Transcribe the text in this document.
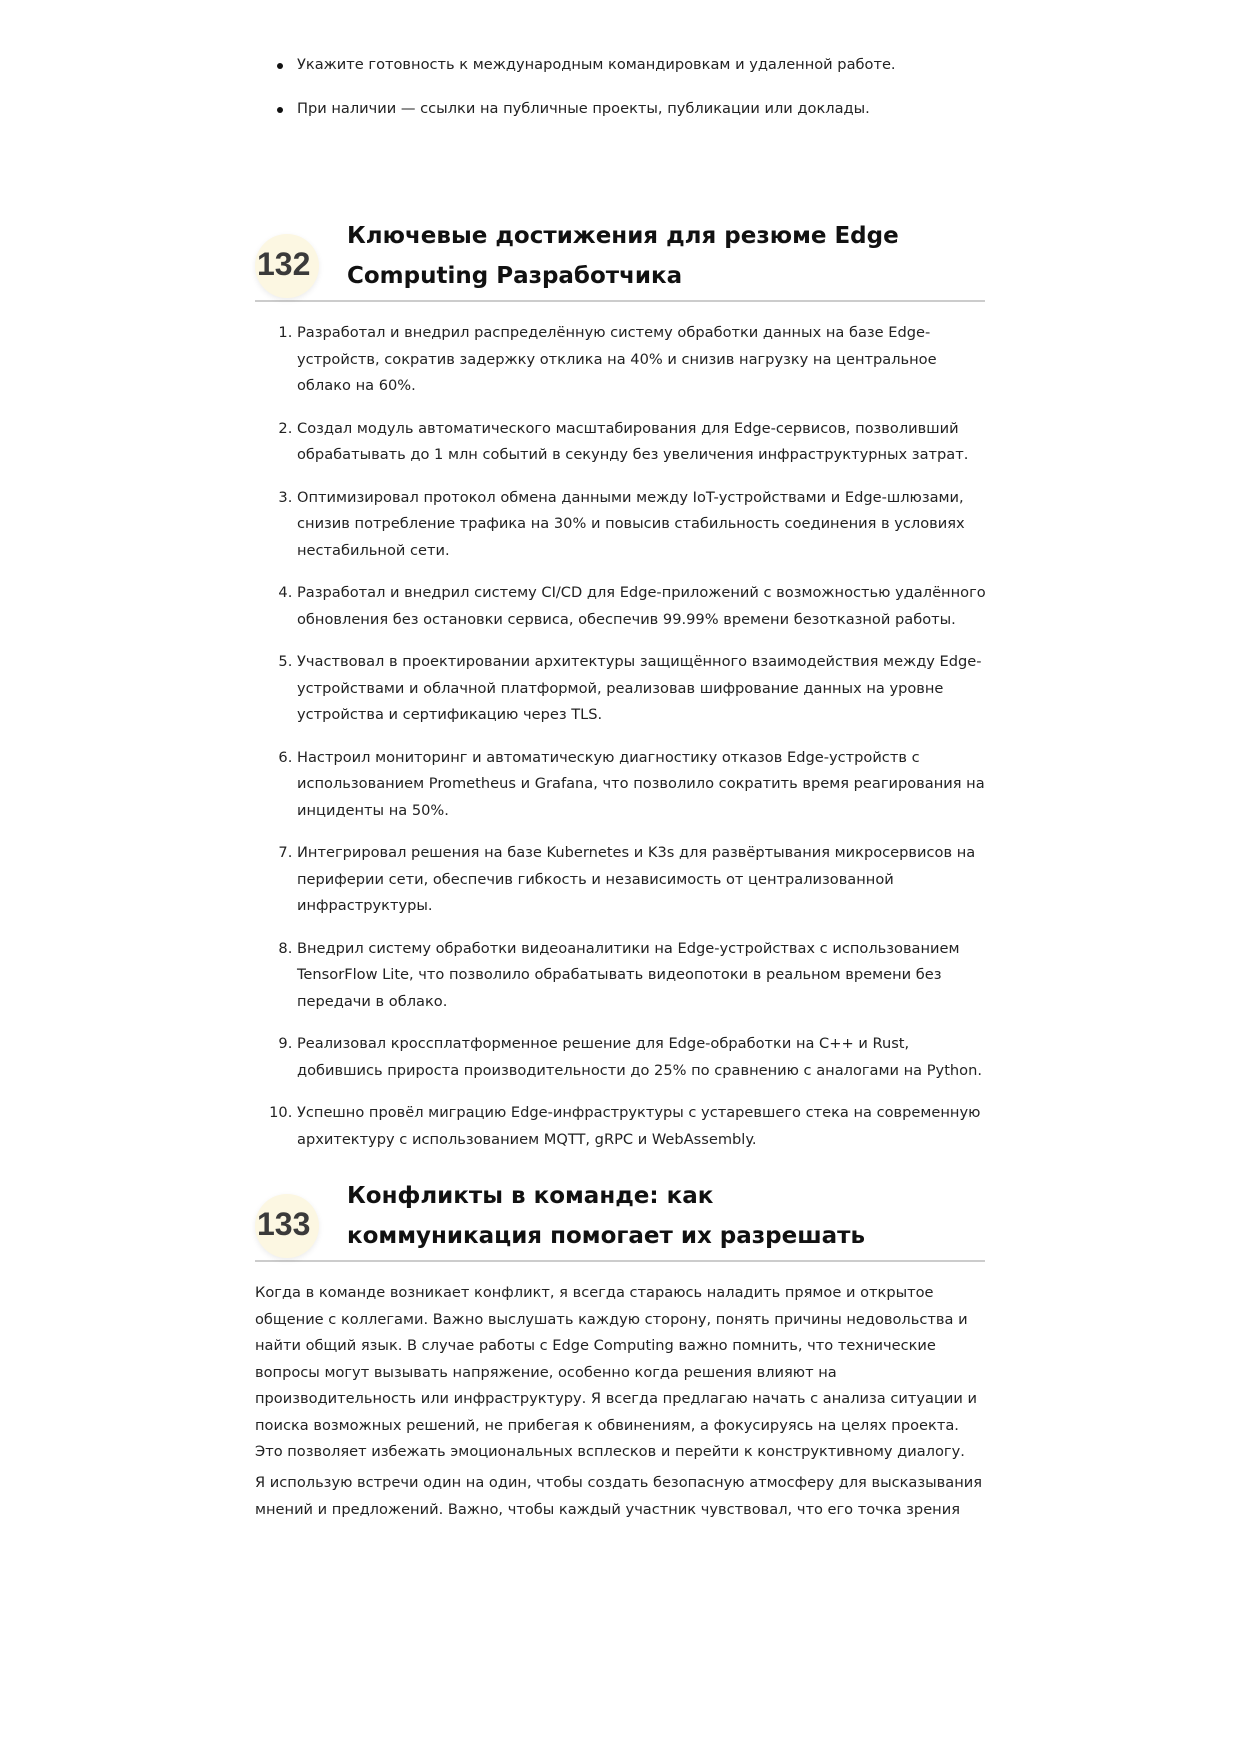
Укажите готовность к международным командировкам и удаленной работе.
При наличии — ссылки на публичные проекты, публикации или доклады.
132
Ключевые достижения для резюме Edge Computing Разработчика
1. Разработал и внедрил распределённую систему обработки данных на базе Edge-устройств, сократив задержку отклика на 40% и снизив нагрузку на центральное облако на 60%.
2. Создал модуль автоматического масштабирования для Edge-сервисов, позволивший обрабатывать до 1 млн событий в секунду без увеличения инфраструктурных затрат.
3. Оптимизировал протокол обмена данными между IoT-устройствами и Edge-шлюзами, снизив потребление трафика на 30% и повысив стабильность соединения в условиях нестабильной сети.
4. Разработал и внедрил систему CI/CD для Edge-приложений с возможностью удалённого обновления без остановки сервиса, обеспечив 99.99% времени безотказной работы.
5. Участвовал в проектировании архитектуры защищённого взаимодействия между Edge-устройствами и облачной платформой, реализовав шифрование данных на уровне устройства и сертификацию через TLS.
6. Настроил мониторинг и автоматическую диагностику отказов Edge-устройств с использованием Prometheus и Grafana, что позволило сократить время реагирования на инциденты на 50%.
7. Интегрировал решения на базе Kubernetes и K3s для развёртывания микросервисов на периферии сети, обеспечив гибкость и независимость от централизованной инфраструктуры.
8. Внедрил систему обработки видеоаналитики на Edge-устройствах с использованием TensorFlow Lite, что позволило обрабатывать видеопотоки в реальном времени без передачи в облако.
9. Реализовал кроссплатформенное решение для Edge-обработки на C++ и Rust, добившись прироста производительности до 25% по сравнению с аналогами на Python.
10. Успешно провёл миграцию Edge-инфраструктуры с устаревшего стека на современную архитектуру с использованием MQTT, gRPC и WebAssembly.
133
Конфликты в команде: как коммуникация помогает их разрешать

Когда в команде возникает конфликт, я всегда стараюсь наладить прямое и открытое общение с коллегами. Важно выслушать каждую сторону, понять причины недовольства и найти общий язык. В случае работы с Edge Computing важно помнить, что технические вопросы могут вызывать напряжение, особенно когда решения влияют на производительность или инфраструктуру. Я всегда предлагаю начать с анализа ситуации и поиска возможных решений, не прибегая к обвинениям, а фокусируясь на целях проекта. Это позволяет избежать эмоциональных всплесков и перейти к конструктивному диалогу.

Я использую встречи один на один, чтобы создать безопасную атмосферу для высказывания мнений и предложений. Важно, чтобы каждый участник чувствовал, что его точка зрения
